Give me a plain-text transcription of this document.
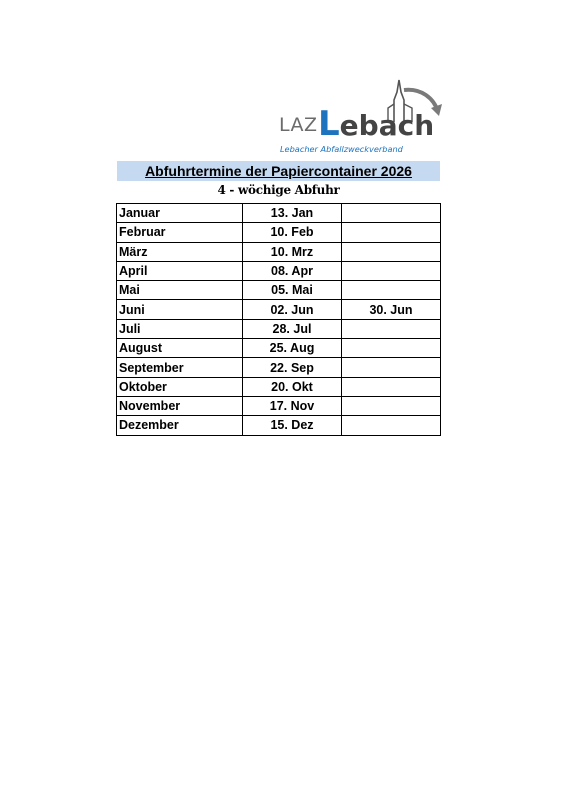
LAZ Lebach
Lebacher Abfallzweckverband
Abfuhrtermine der Papiercontainer 2026
4 - wöchige Abfuhr
Januar	13. Jan	
Februar	10. Feb	
März	10. Mrz	
April	08. Apr	
Mai	05. Mai	
Juni	02. Jun	30. Jun
Juli	28. Jul	
August	25. Aug	
September	22. Sep	
Oktober	20. Okt	
November	17. Nov	
Dezember	15. Dez	
